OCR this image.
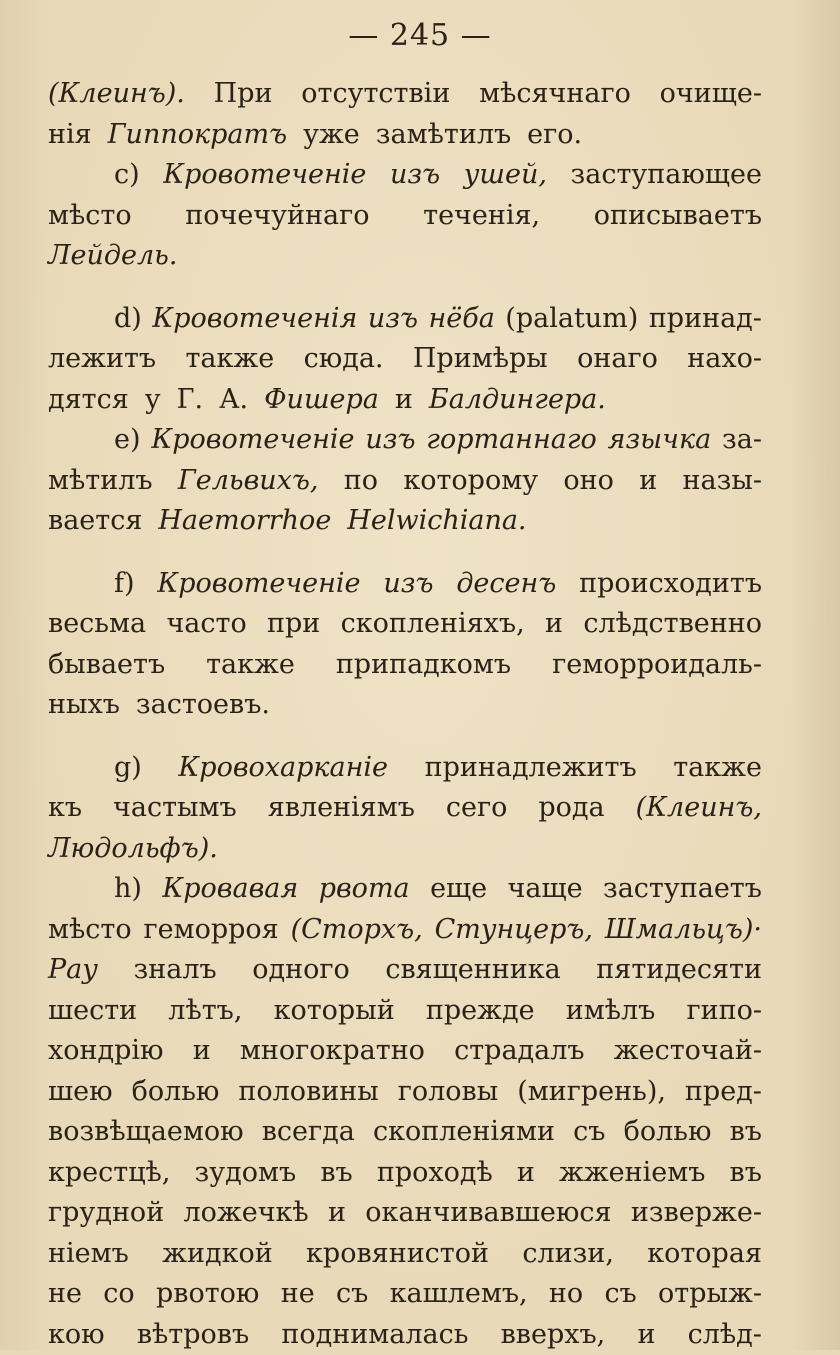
— 245 —
(Клеинъ). При отсутствіи мѣсячнаго очище-
нія Гиппократъ уже замѣтилъ его.
c) Кровотеченіе изъ ушей, заступающее
мѣсто почечуйнаго теченія, описываетъ
Лейдель.
d) Кровотеченія изъ нёба (palatum) принад-
лежитъ также сюда. Примѣры онаго нахо-
дятся у Г. А. Фишера и Балдингера.
e) Кровотеченіе изъ гортаннаго язычка за-
мѣтилъ Гельвихъ, по которому оно и назы-
вается Haemorrhoe Helwichiana.
f) Кровотеченіе изъ деcенъ происходитъ
весьма часто при скопленіяхъ, и слѣдственно
бываетъ также припадкомъ геморроидаль-
ныхъ застоевъ.
g) Кровохарканіе принадлежитъ также
къ частымъ явленіямъ сего рода (Клеинъ,
Людольфъ).
h) Кровавая рвота еще чаще заступаетъ
мѣсто геморроя (Сторхъ, Стунцеръ, Шмальцъ)·
Рау зналъ одного священника пятидесяти
шести лѣтъ, который прежде имѣлъ гипо-
хондрію и многократно страдалъ жесточай-
шею болью половины головы (мигрень), пред-
возвѣщаемою всегда скопленіями съ болью въ
крестцѣ, зудомъ въ проходѣ и жженіемъ въ
грудной ложечкѣ и оканчивавшеюся изверже-
ніемъ жидкой кровянистой слизи, которая
не со рвотою не съ кашлемъ, но съ отрыж-
кою вѣтровъ поднималась вверхъ, и слѣд-
